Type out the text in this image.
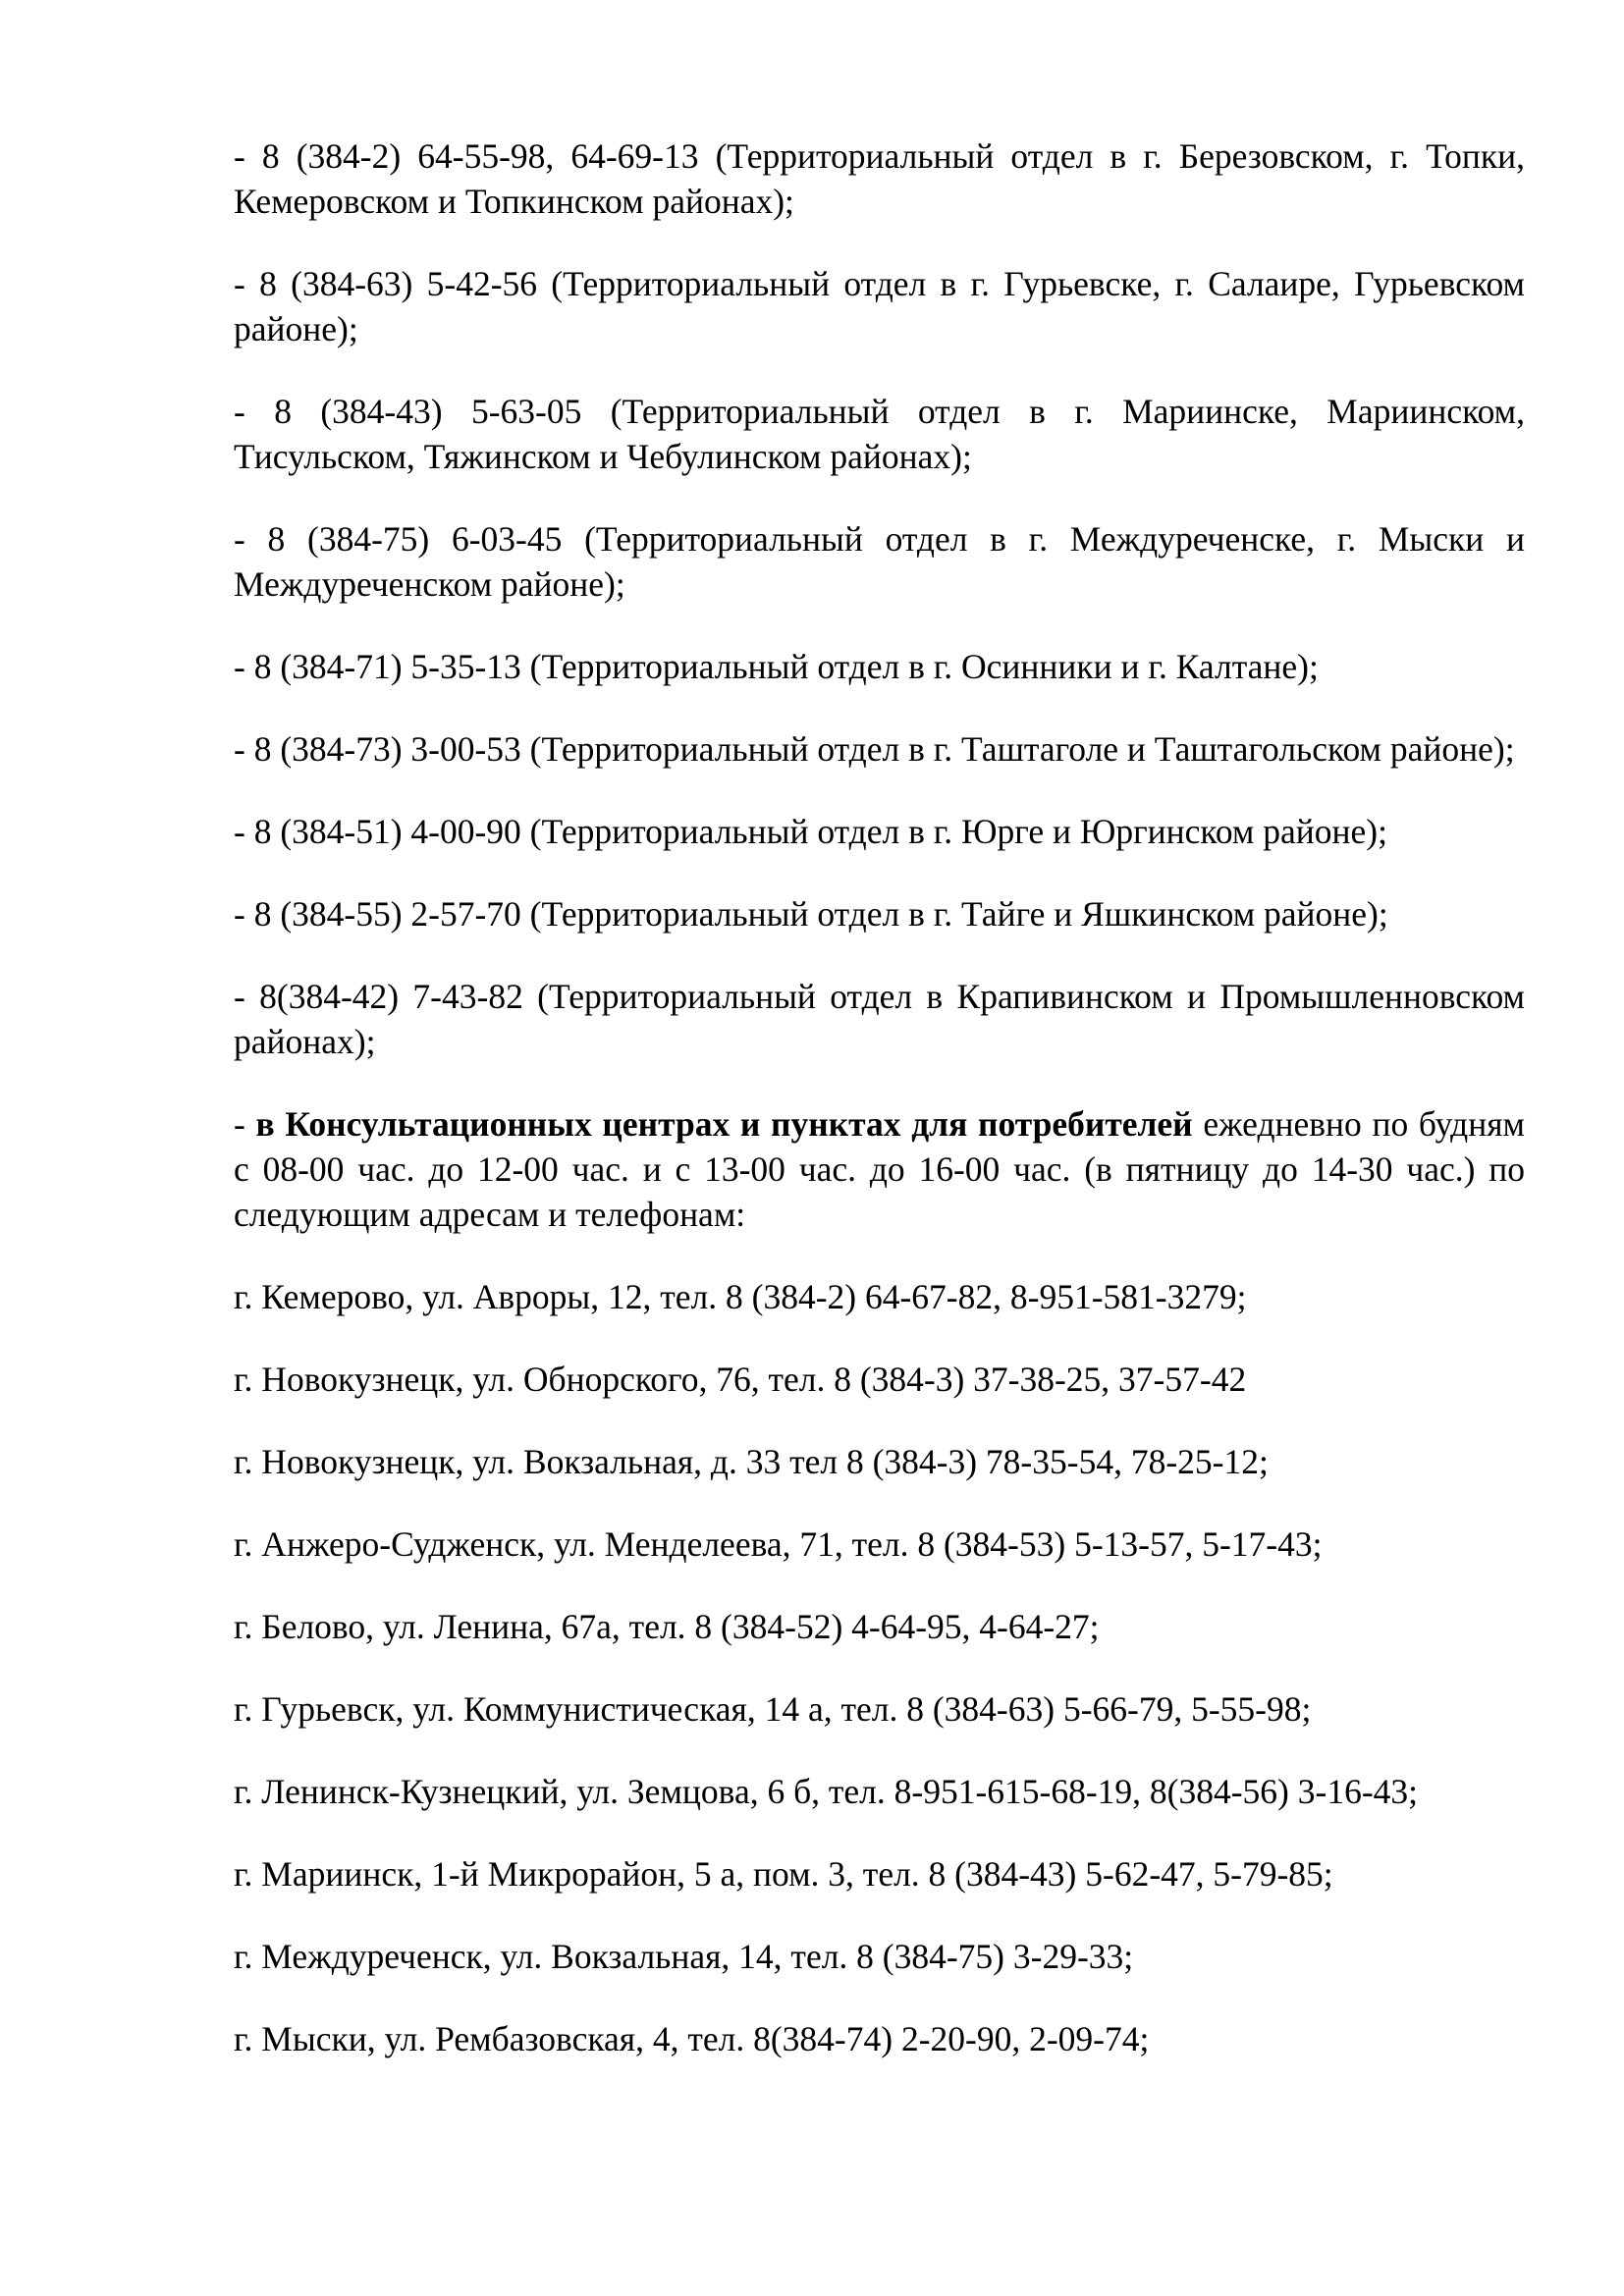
- 8 (384-2) 64-55-98, 64-69-13 (Территориальный отдел в г. Березовском, г. Топки, Кемеровском и Топкинском районах);

- 8 (384-63) 5-42-56 (Территориальный отдел в г. Гурьевске, г. Салаире, Гурьевском районе);

- 8 (384-43) 5-63-05 (Территориальный отдел в г. Мариинске, Мариинском, Тисульском, Тяжинском и Чебулинском районах);

- 8 (384-75) 6-03-45 (Территориальный отдел в г. Междуреченске, г. Мыски и Междуреченском районе);

- 8 (384-71) 5-35-13 (Территориальный отдел в г. Осинники и г. Калтане);

- 8 (384-73) 3-00-53 (Территориальный отдел в г. Таштаголе и Таштагольском районе);

- 8 (384-51) 4-00-90 (Территориальный отдел в г. Юрге и Юргинском районе);

- 8 (384-55) 2-57-70 (Территориальный отдел в г. Тайге и Яшкинском районе);

- 8(384-42) 7-43-82 (Территориальный отдел в Крапивинском и Промышленновском районах);

- в Консультационных центрах и пунктах для потребителей ежедневно по будням с 08-00 час. до 12-00 час. и с 13-00 час. до 16-00 час. (в пятницу до 14-30 час.) по следующим адресам и телефонам:

г. Кемерово, ул. Авроры, 12, тел. 8 (384-2) 64-67-82, 8-951-581-3279;

г. Новокузнецк, ул. Обнорского, 76, тел. 8 (384-3) 37-38-25, 37-57-42

г. Новокузнецк, ул. Вокзальная, д. 33 тел 8 (384-3) 78-35-54, 78-25-12;

г. Анжеро-Судженск, ул. Менделеева, 71, тел. 8 (384-53) 5-13-57, 5-17-43;

г. Белово, ул. Ленина, 67а, тел. 8 (384-52) 4-64-95, 4-64-27;

г. Гурьевск, ул. Коммунистическая, 14 а, тел. 8 (384-63) 5-66-79, 5-55-98;

г. Ленинск-Кузнецкий, ул. Земцова, 6 б, тел. 8-951-615-68-19, 8(384-56) 3-16-43;

г. Мариинск, 1-й Микрорайон, 5 а, пом. 3, тел. 8 (384-43) 5-62-47, 5-79-85;

г. Междуреченск, ул. Вокзальная, 14, тел. 8 (384-75) 3-29-33;

г. Мыски, ул. Рембазовская, 4, тел. 8(384-74) 2-20-90, 2-09-74;
